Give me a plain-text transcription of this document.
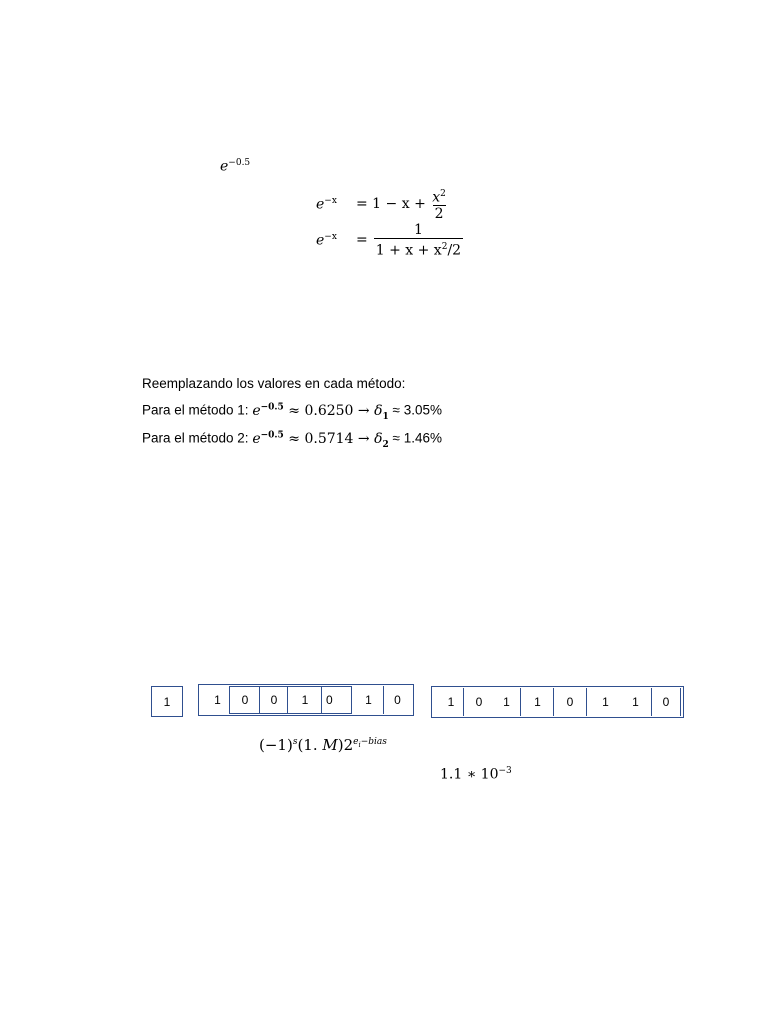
$e^{-0.5}$
$e^{-x}$	= $1 - x + \frac{x^2}{2}$
$e^{-x}$	= $\frac{1}{1 + x + x^2/2}$
Reemplazando los valores en cada método:
Para el método 1: $e^{-0.5} \approx 0.6250 \to \delta_1 \approx 3.05\%$
Para el método 2: $e^{-0.5} \approx 0.5714 \to \delta_2 \approx 1.46\%$
1	1	0	0	1	0	1	0	1	0	1	1	0	1	1	0
$(-1)^s(1$. $M)2^{e_i-bias}$
1.1 ∗ $10^{-3}$
